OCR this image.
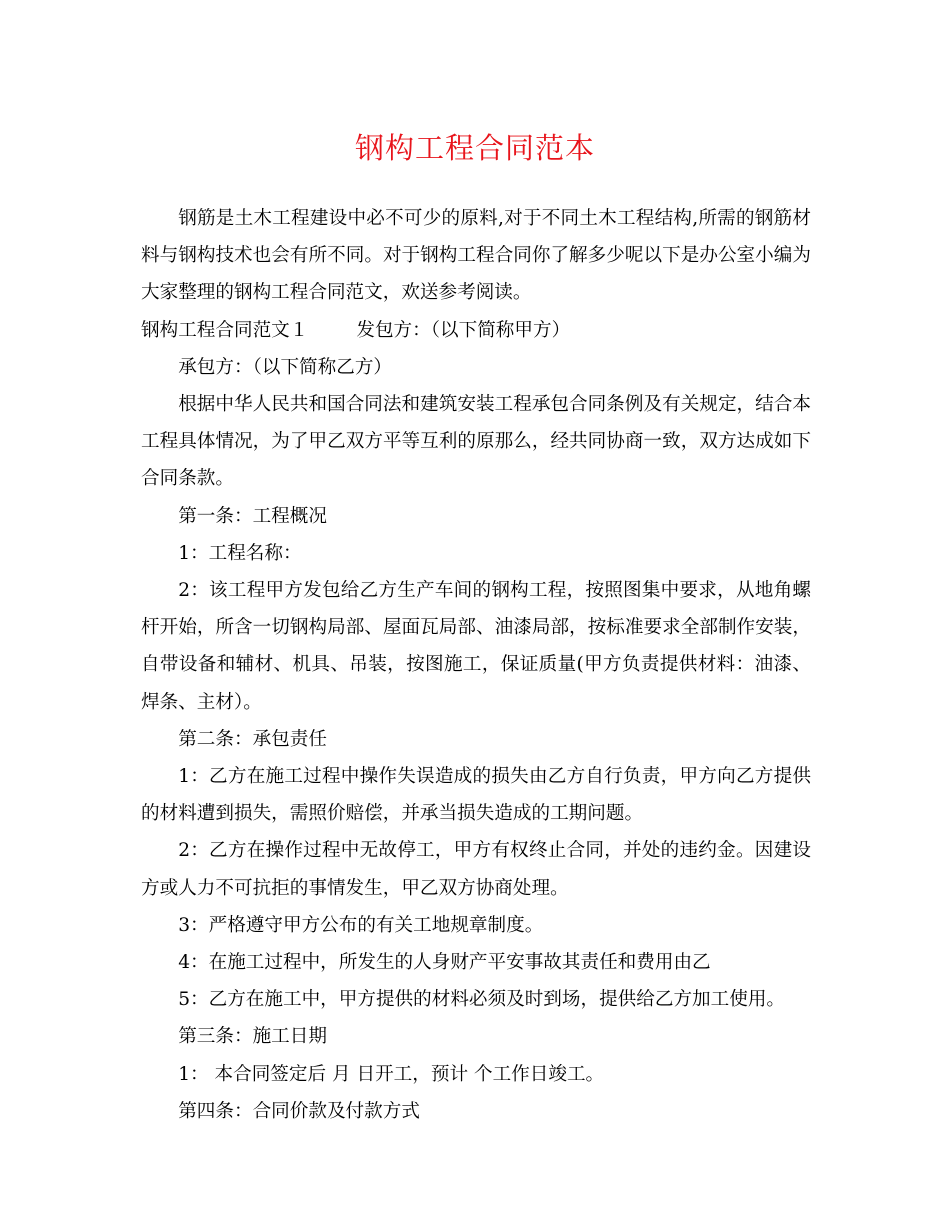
钢构工程合同范本

钢筋是土木工程建设中必不可少的原料,对于不同土木工程结构,所需的钢筋材料与钢构技术也会有所不同。对于钢构工程合同你了解多少呢以下是办公室小编为大家整理的钢构工程合同范文，欢送参考阅读。

钢构工程合同范文１	发包方：（以下简称甲方）

承包方：（以下简称乙方）

根据中华人民共和国合同法和建筑安装工程承包合同条例及有关规定，结合本工程具体情况，为了甲乙双方平等互利的原那么，经共同协商一致，双方达成如下合同条款。

第一条：工程概况

1：工程名称：

2：该工程甲方发包给乙方生产车间的钢构工程，按照图集中要求，从地角螺杆开始，所含一切钢构局部、屋面瓦局部、油漆局部，按标准要求全部制作安装，自带设备和辅材、机具、吊装，按图施工，保证质量(甲方负责提供材料：油漆、焊条、主材）。

第二条：承包责任

1：乙方在施工过程中操作失误造成的损失由乙方自行负责，甲方向乙方提供的材料遭到损失，需照价赔偿，并承当损失造成的工期问题。

2：乙方在操作过程中无故停工，甲方有权终止合同，并处的违约金。因建设方或人力不可抗拒的事情发生，甲乙双方协商处理。

3：严格遵守甲方公布的有关工地规章制度。

4：在施工过程中，所发生的人身财产平安事故其责任和费用由乙

5：乙方在施工中，甲方提供的材料必须及时到场，提供给乙方加工使用。

第三条：施工日期

1： 本合同签定后 月 日开工，预计 个工作日竣工。

第四条：合同价款及付款方式
